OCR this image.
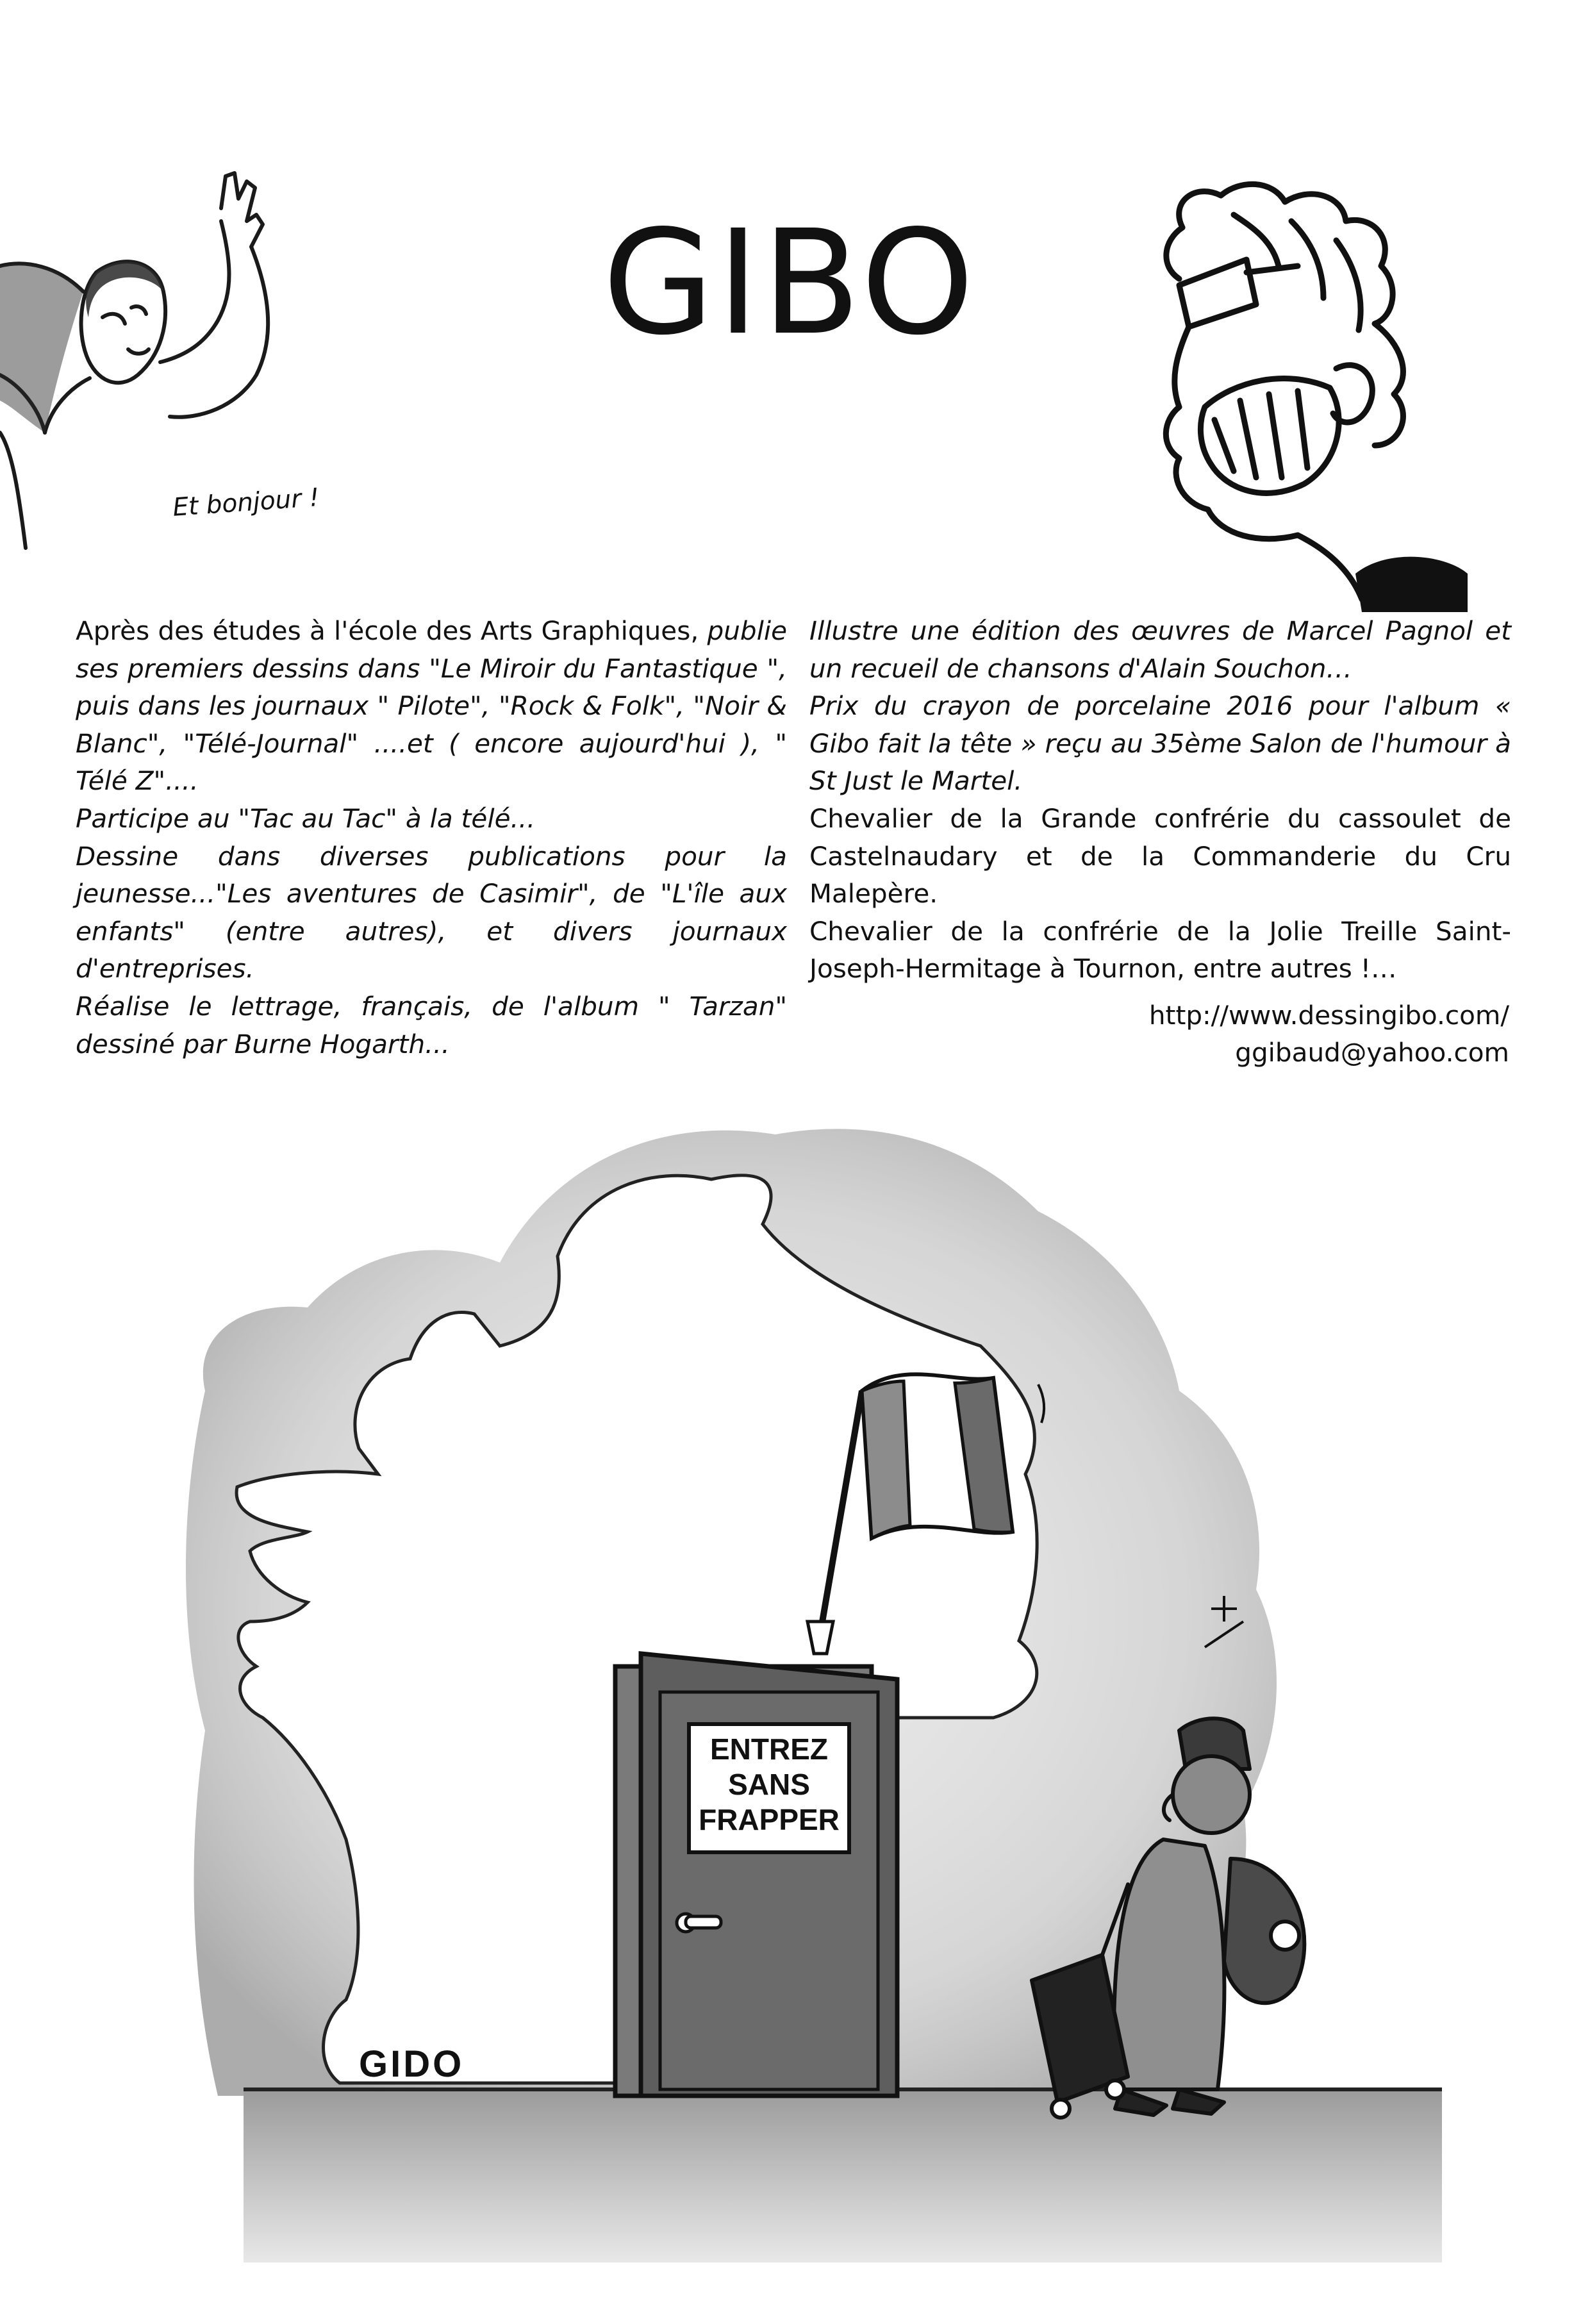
Et bonjour !
GIBO

Après des études à l'école des Arts Graphiques, publie ses premiers dessins dans "Le Miroir du Fantastique ", puis dans les journaux " Pilote", "Rock & Folk", "Noir & Blanc", "Télé-Journal" ....et ( encore aujourd'hui ), " Télé Z"....

Participe au "Tac au Tac" à la télé...

Dessine dans diverses publications pour la jeunesse..."Les aventures de Casimir", de "L'île aux enfants" (entre autres), et divers journaux d'entreprises.

Réalise le lettrage, français, de l'album " Tarzan" dessiné par Burne Hogarth...

Illustre une édition des œuvres de Marcel Pagnol et un recueil de chansons d'Alain Souchon…

Prix du crayon de porcelaine 2016 pour l'album « Gibo fait la tête » reçu au 35ème Salon de l'humour à St Just le Martel.

Chevalier de la Grande confrérie du cassoulet de Castelnaudary et de la Commanderie du Cru Malepère.

Chevalier de la confrérie de la Jolie Treille Saint-Joseph-Hermitage à Tournon, entre autres !…

http://www.dessingibo.com/
ggibaud@yahoo.com
ENTREZ
SANS
FRAPPER
GIDO
